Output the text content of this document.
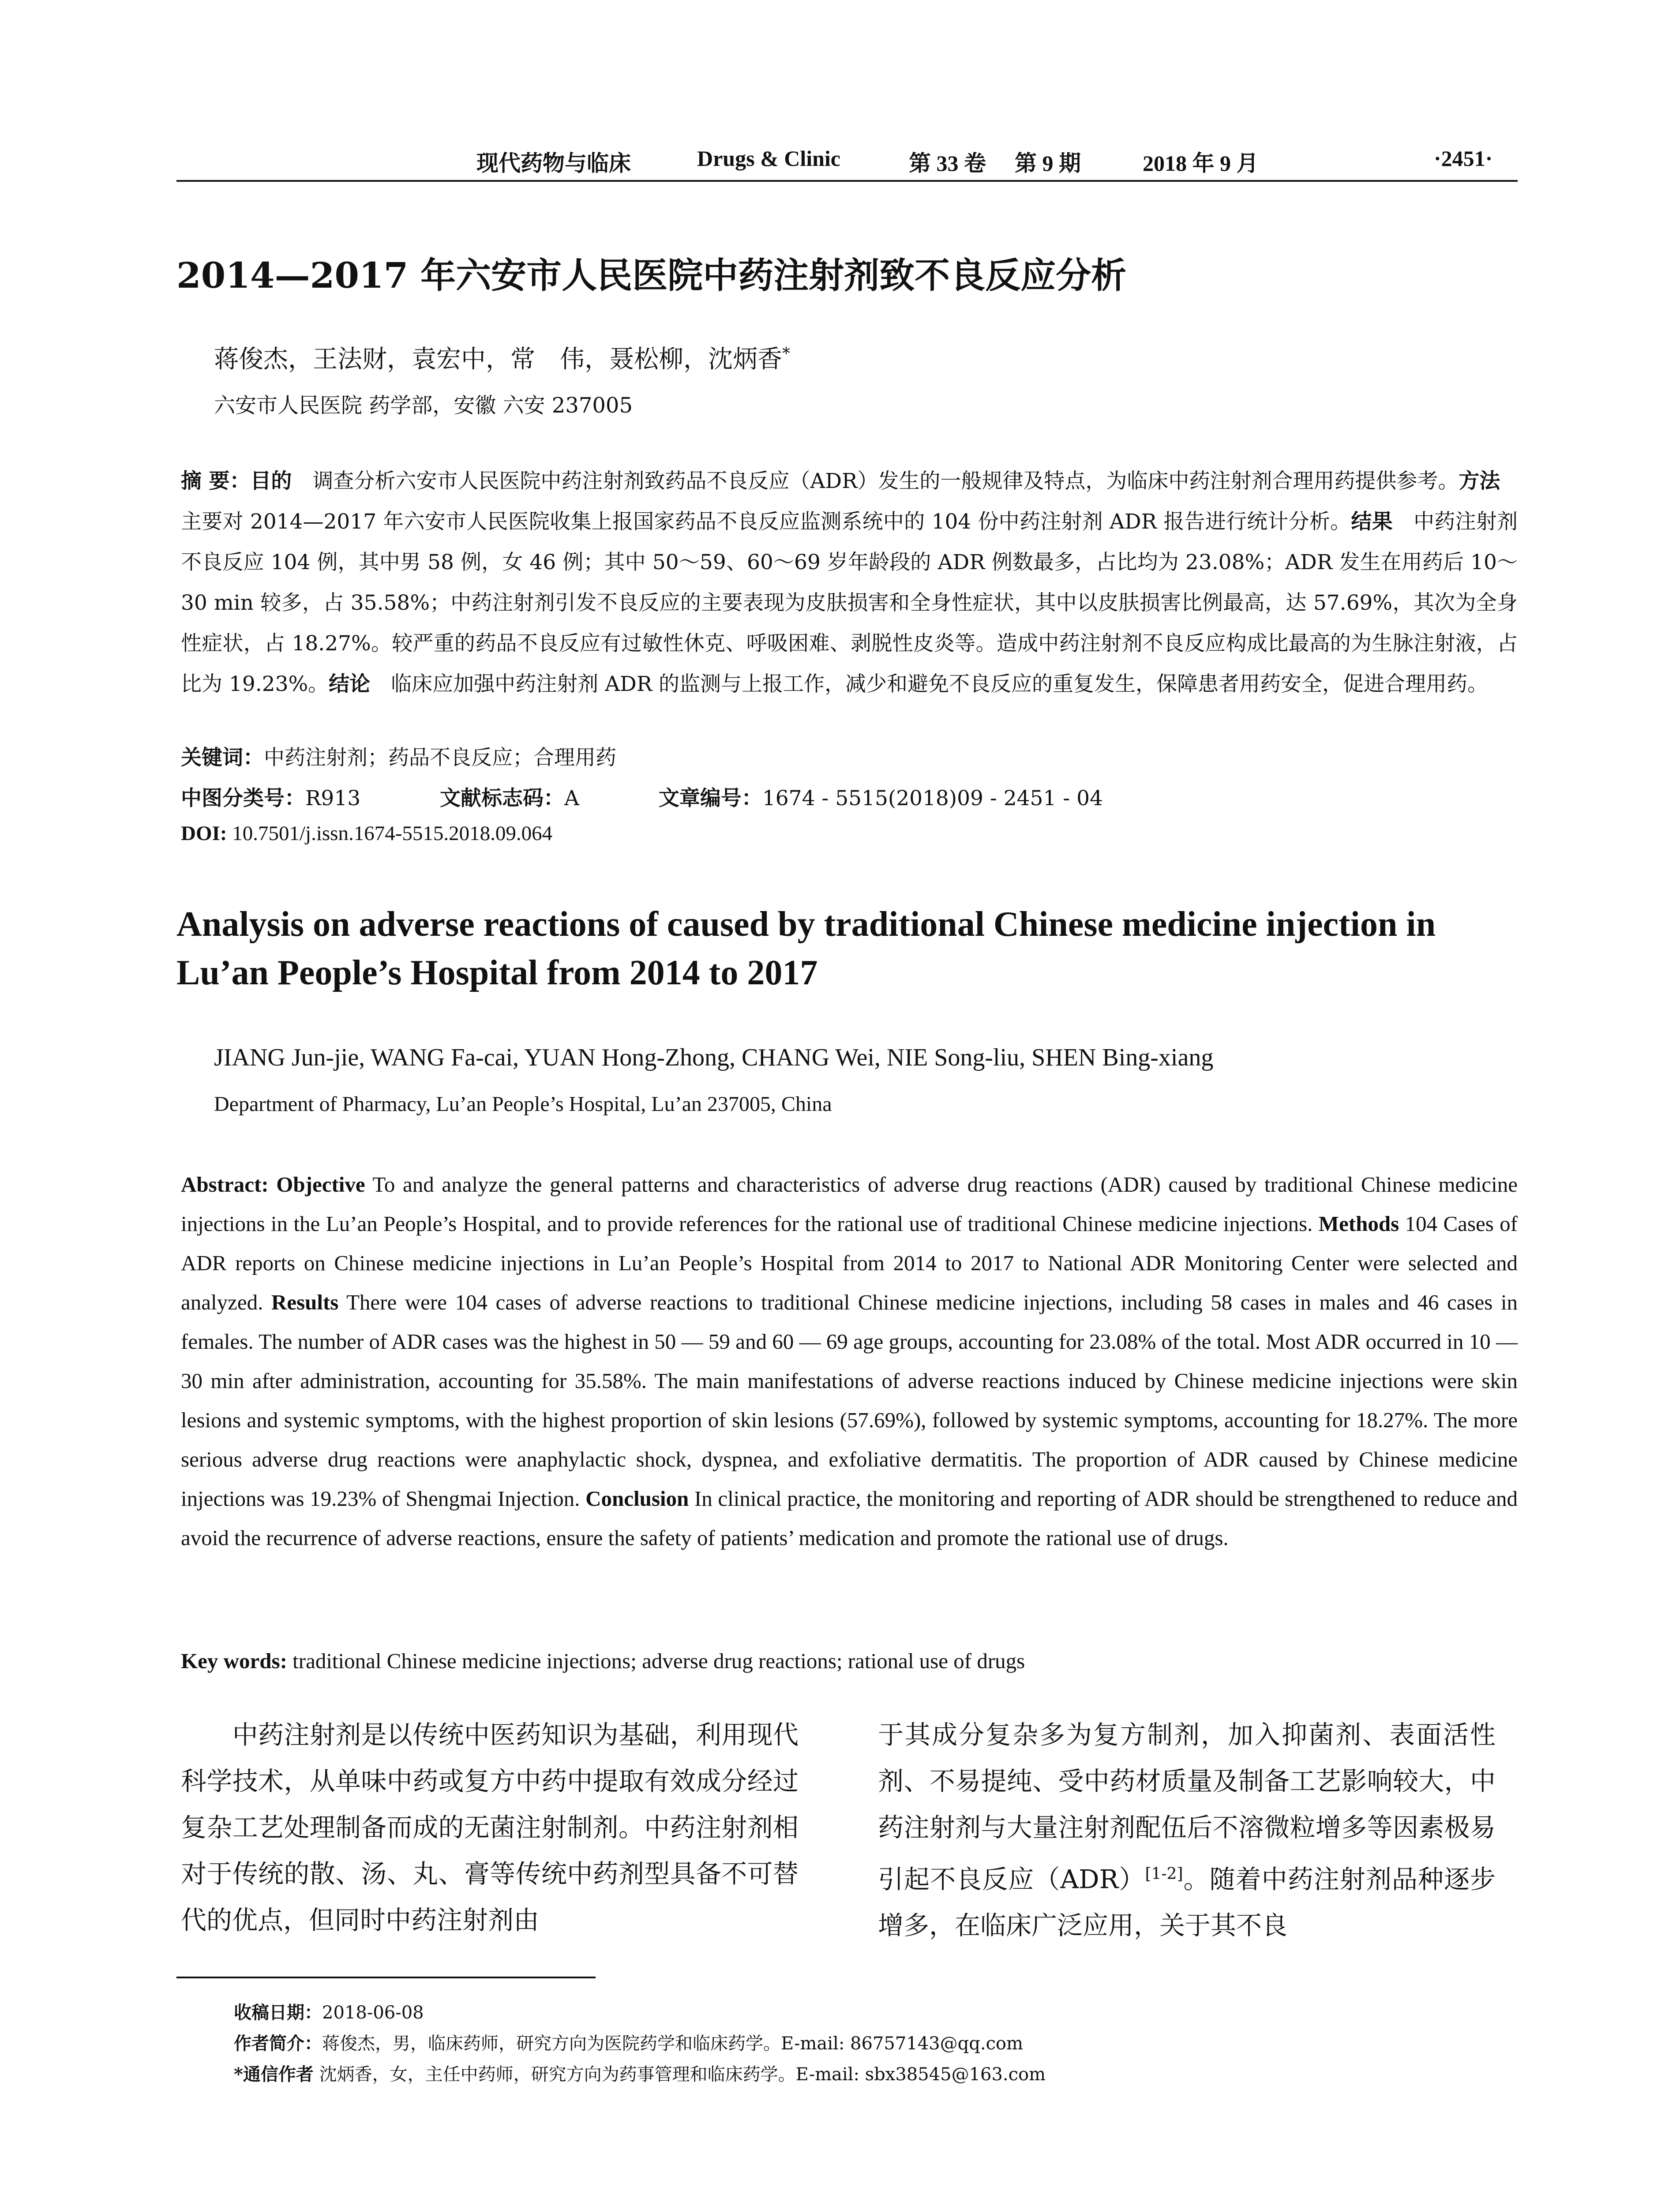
现代药物与临床	Drugs & Clinic	第 33 卷 第 9 期	2018 年 9 月	·2451·
2014—2017 年六安市人民医院中药注射剂致不良反应分析
蒋俊杰，王法财，袁宏中，常　伟，聂松柳，沈炳香*
六安市人民医院 药学部，安徽 六安 237005
摘 要：目的　调查分析六安市人民医院中药注射剂致药品不良反应（ADR）发生的一般规律及特点，为临床中药注射剂合理用药提供参考。方法　主要对 2014—2017 年六安市人民医院收集上报国家药品不良反应监测系统中的 104 份中药注射剂 ADR 报告进行统计分析。结果　中药注射剂不良反应 104 例，其中男 58 例，女 46 例；其中 50～59、60～69 岁年龄段的 ADR 例数最多，占比均为 23.08%；ADR 发生在用药后 10～30 min 较多，占 35.58%；中药注射剂引发不良反应的主要表现为皮肤损害和全身性症状，其中以皮肤损害比例最高，达 57.69%，其次为全身性症状，占 18.27%。较严重的药品不良反应有过敏性休克、呼吸困难、剥脱性皮炎等。造成中药注射剂不良反应构成比最高的为生脉注射液，占比为 19.23%。结论　临床应加强中药注射剂 ADR 的监测与上报工作，减少和避免不良反应的重复发生，保障患者用药安全，促进合理用药。
关键词：中药注射剂；药品不良反应；合理用药
中图分类号：R913	文献标志码：A	文章编号：1674 - 5515(2018)09 - 2451 - 04
DOI: 10.7501/j.issn.1674-5515.2018.09.064
Analysis on adverse reactions of caused by traditional Chinese medicine injection in Lu’an People’s Hospital from 2014 to 2017
JIANG Jun-jie, WANG Fa-cai, YUAN Hong-Zhong, CHANG Wei, NIE Song-liu, SHEN Bing-xiang
Department of Pharmacy, Lu’an People’s Hospital, Lu’an 237005, China
Abstract: Objective To and analyze the general patterns and characteristics of adverse drug reactions (ADR) caused by traditional Chinese medicine injections in the Lu’an People’s Hospital, and to provide references for the rational use of traditional Chinese medicine injections. Methods 104 Cases of ADR reports on Chinese medicine injections in Lu’an People’s Hospital from 2014 to 2017 to National ADR Monitoring Center were selected and analyzed. Results There were 104 cases of adverse reactions to traditional Chinese medicine injections, including 58 cases in males and 46 cases in females. The number of ADR cases was the highest in 50 — 59 and 60 — 69 age groups, accounting for 23.08% of the total. Most ADR occurred in 10 — 30 min after administration, accounting for 35.58%. The main manifestations of adverse reactions induced by Chinese medicine injections were skin lesions and systemic symptoms, with the highest proportion of skin lesions (57.69%), followed by systemic symptoms, accounting for 18.27%. The more serious adverse drug reactions were anaphylactic shock, dyspnea, and exfoliative dermatitis. The proportion of ADR caused by Chinese medicine injections was 19.23% of Shengmai Injection. Conclusion In clinical practice, the monitoring and reporting of ADR should be strengthened to reduce and avoid the recurrence of adverse reactions, ensure the safety of patients’ medication and promote the rational use of drugs.
Key words: traditional Chinese medicine injections; adverse drug reactions; rational use of drugs
　　中药注射剂是以传统中医药知识为基础，利用现代科学技术，从单味中药或复方中药中提取有效成分经过复杂工艺处理制备而成的无菌注射制剂。中药注射剂相对于传统的散、汤、丸、膏等传统中药剂型具备不可替代的优点，但同时中药注射剂由
于其成分复杂多为复方制剂，加入抑菌剂、表面活性剂、不易提纯、受中药材质量及制备工艺影响较大，中药注射剂与大量注射剂配伍后不溶微粒增多等因素极易引起不良反应（ADR）[1-2]。随着中药注射剂品种逐步增多，在临床广泛应用，关于其不良
收稿日期：2018-06-08
作者简介：蒋俊杰，男，临床药师，研究方向为医院药学和临床药学。E-mail: 86757143@qq.com
*通信作者 沈炳香，女，主任中药师，研究方向为药事管理和临床药学。E-mail: sbx38545@163.com
